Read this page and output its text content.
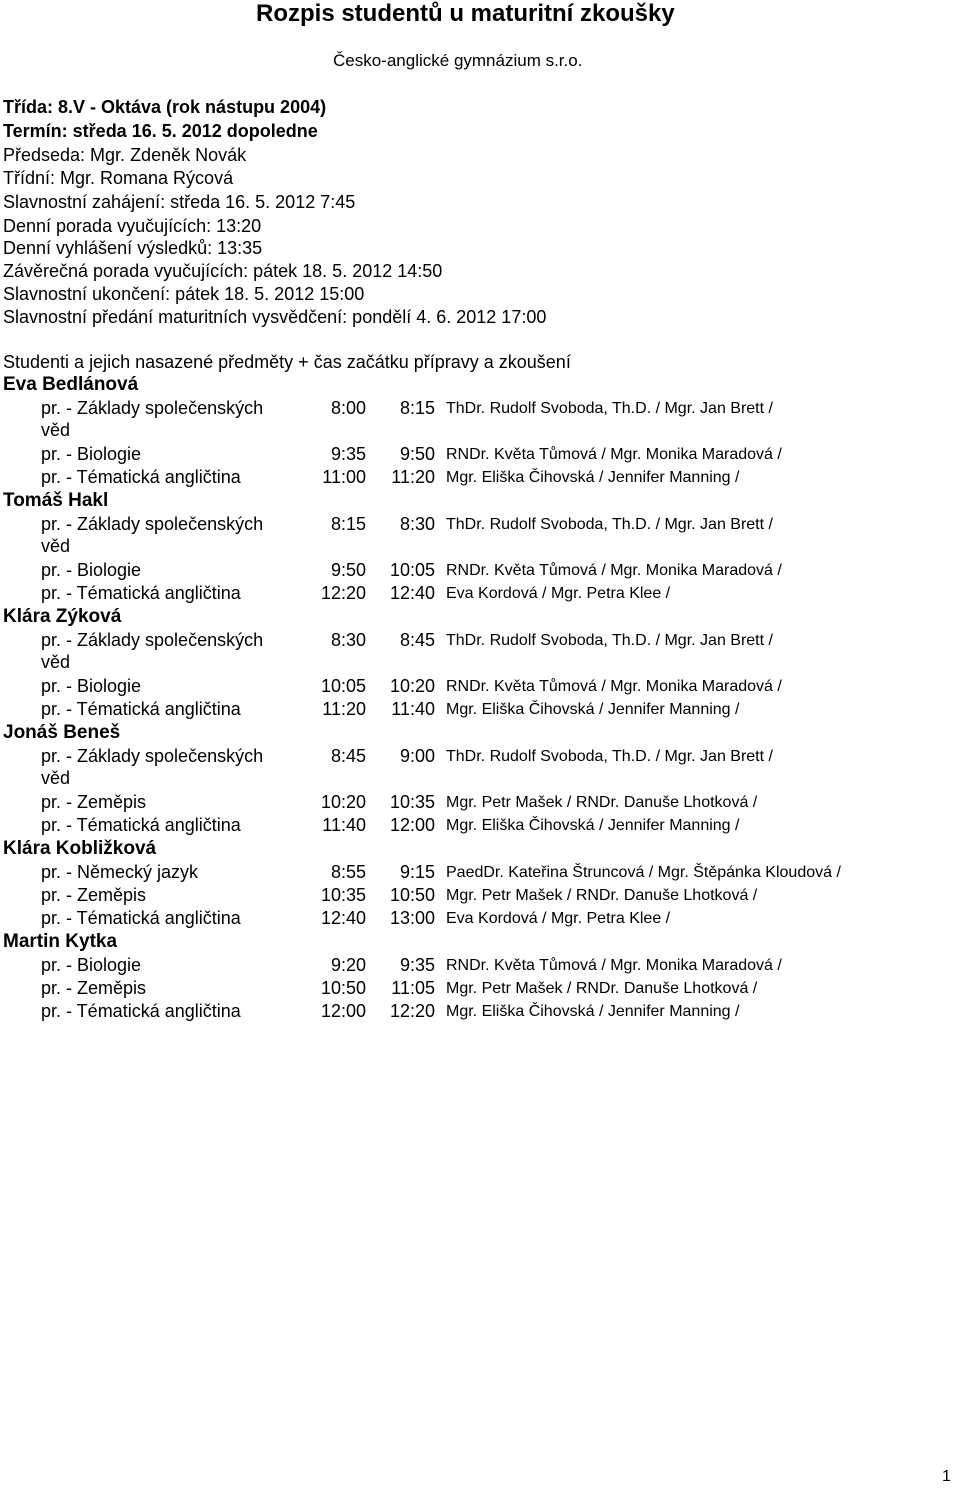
Rozpis studentů u maturitní zkoušky
Česko-anglické gymnázium s.r.o.
Třída: 8.V - Oktáva (rok nástupu 2004)
Termín: středa 16. 5. 2012 dopoledne
Předseda: Mgr. Zdeněk Novák
Třídní: Mgr. Romana Rýcová
Slavnostní zahájení: středa 16. 5. 2012 7:45
Denní porada vyučujících: 13:20
Denní vyhlášení výsledků: 13:35
Závěrečná porada vyučujících: pátek 18. 5. 2012 14:50
Slavnostní ukončení: pátek 18. 5. 2012 15:00
Slavnostní předání maturitních vysvědčení: pondělí 4. 6. 2012 17:00
Studenti a jejich nasazené předměty + čas začátku přípravy a zkoušení
Eva Bedlánová
pr. - Základy společenských	8:00	8:15 ThDr. Rudolf Svoboda, Th.D. / Mgr. Jan Brett /
věd
pr. - Biologie	9:35	9:50 RNDr. Květa Tůmová / Mgr. Monika Maradová /
pr. - Tématická angličtina	11:00	11:20 Mgr. Eliška Čihovská / Jennifer Manning /
Tomáš Hakl
pr. - Základy společenských	8:15	8:30 ThDr. Rudolf Svoboda, Th.D. / Mgr. Jan Brett /
věd
pr. - Biologie	9:50	10:05 RNDr. Květa Tůmová / Mgr. Monika Maradová /
pr. - Tématická angličtina	12:20	12:40 Eva Kordová / Mgr. Petra Klee /
Klára Zýková
pr. - Základy společenských	8:30	8:45 ThDr. Rudolf Svoboda, Th.D. / Mgr. Jan Brett /
věd
pr. - Biologie	10:05	10:20 RNDr. Květa Tůmová / Mgr. Monika Maradová /
pr. - Tématická angličtina	11:20	11:40 Mgr. Eliška Čihovská / Jennifer Manning /
Jonáš Beneš
pr. - Základy společenských	8:45	9:00 ThDr. Rudolf Svoboda, Th.D. / Mgr. Jan Brett /
věd
pr. - Zeměpis	10:20	10:35 Mgr. Petr Mašek / RNDr. Danuše Lhotková /
pr. - Tématická angličtina	11:40	12:00 Mgr. Eliška Čihovská / Jennifer Manning /
Klára Kobližková
pr. - Německý jazyk	8:55	9:15 PaedDr. Kateřina Štruncová / Mgr. Štěpánka Kloudová /
pr. - Zeměpis	10:35	10:50 Mgr. Petr Mašek / RNDr. Danuše Lhotková /
pr. - Tématická angličtina	12:40	13:00 Eva Kordová / Mgr. Petra Klee /
Martin Kytka
pr. - Biologie	9:20	9:35 RNDr. Květa Tůmová / Mgr. Monika Maradová /
pr. - Zeměpis	10:50	11:05 Mgr. Petr Mašek / RNDr. Danuše Lhotková /
pr. - Tématická angličtina	12:00	12:20 Mgr. Eliška Čihovská / Jennifer Manning /
1
